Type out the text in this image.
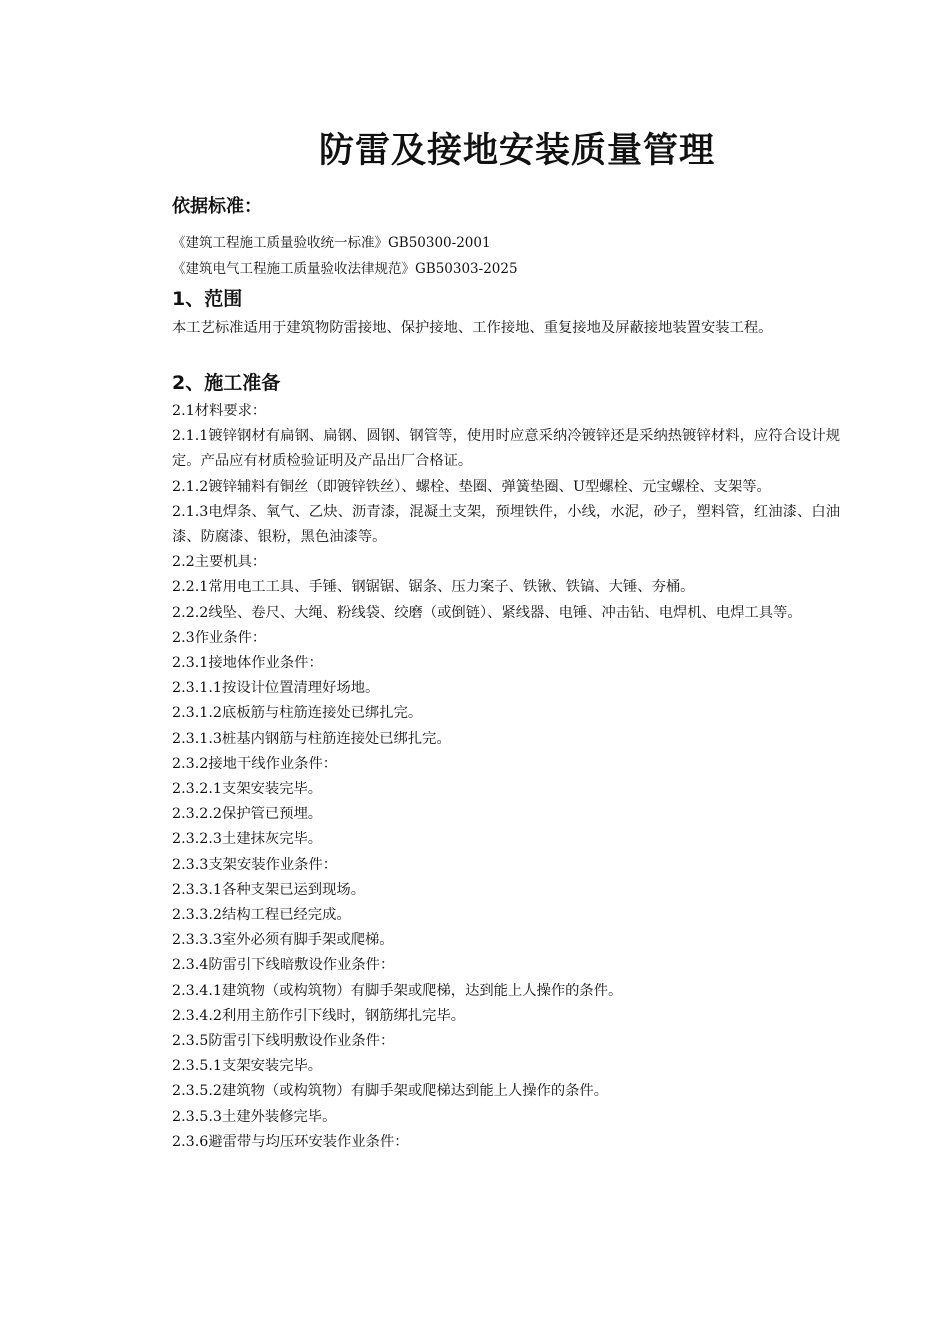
防雷及接地安装质量管理
依据标准：
《建筑工程施工质量验收统一标准》GB50300-2001
《建筑电气工程施工质量验收法律规范》GB50303-2025
1、范围

本工艺标准适用于建筑物防雷接地、保护接地、工作接地、重复接地及屏蔽接地装置安装工程。

2、施工准备
2.1材料要求：
2.1.1镀锌钢材有扁钢、扁钢、圆钢、钢管等，使用时应意采纳冷镀锌还是采纳热镀锌材料，应符合设计规定。产品应有材质检验证明及产品出厂合格证。
2.1.2镀锌辅料有铜丝（即镀锌铁丝）、螺栓、垫圈、弹簧垫圈、U型螺栓、元宝螺栓、支架等。
2.1.3电焊条、氧气、乙炔、沥青漆，混凝土支架，预埋铁件，小线，水泥，砂子，塑料管，红油漆、白油漆、防腐漆、银粉，黑色油漆等。
2.2主要机具：
2.2.1常用电工工具、手锤、钢锯锯、锯条、压力案子、铁锹、铁镐、大锤、夯桶。
2.2.2线坠、卷尺、大绳、粉线袋、绞磨（或倒链）、紧线器、电锤、冲击钻、电焊机、电焊工具等。
2.3作业条件：
2.3.1接地体作业条件：
2.3.1.1按设计位置清理好场地。
2.3.1.2底板筋与柱筋连接处已绑扎完。
2.3.1.3桩基内钢筋与柱筋连接处已绑扎完。
2.3.2接地干线作业条件：
2.3.2.1支架安装完毕。
2.3.2.2保护管已预埋。
2.3.2.3土建抹灰完毕。
2.3.3支架安装作业条件：
2.3.3.1各种支架已运到现场。
2.3.3.2结构工程已经完成。
2.3.3.3室外必须有脚手架或爬梯。
2.3.4防雷引下线暗敷设作业条件：
2.3.4.1建筑物（或构筑物）有脚手架或爬梯，达到能上人操作的条件。
2.3.4.2利用主筋作引下线时，钢筋绑扎完毕。
2.3.5防雷引下线明敷设作业条件：
2.3.5.1支架安装完毕。
2.3.5.2建筑物（或构筑物）有脚手架或爬梯达到能上人操作的条件。
2.3.5.3土建外装修完毕。
2.3.6避雷带与均压环安装作业条件：
